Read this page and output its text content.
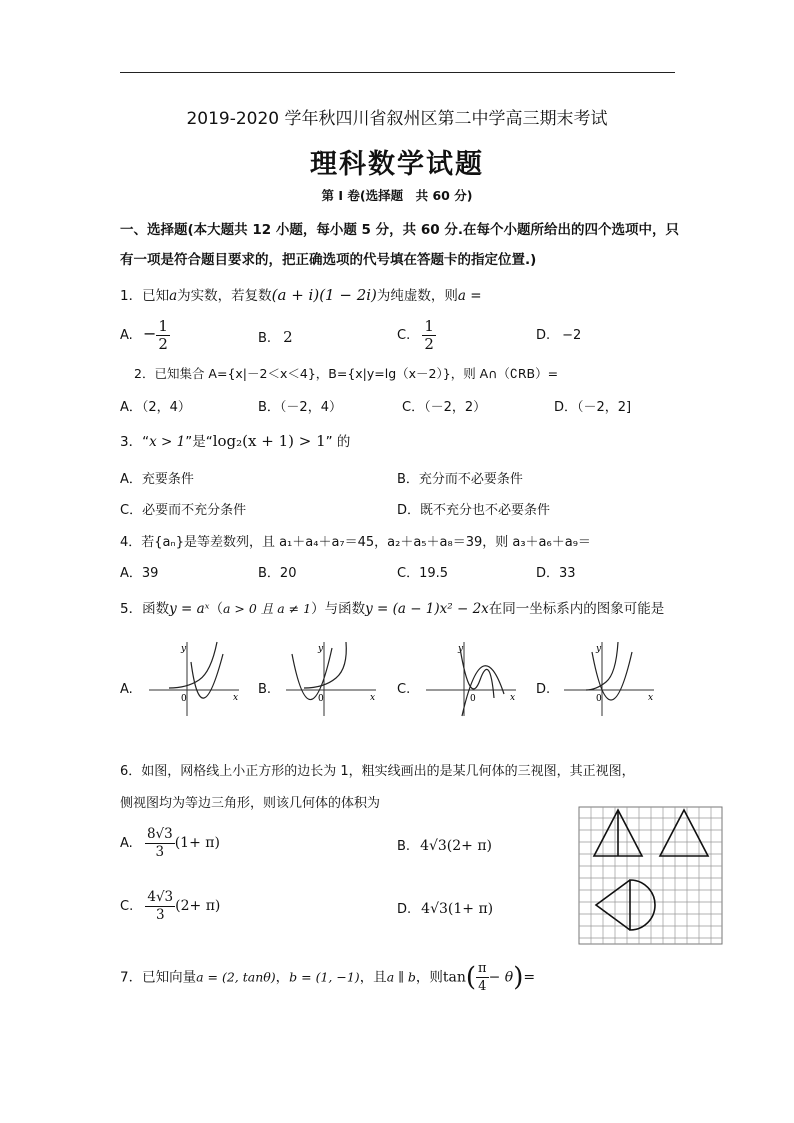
2019-2020 学年秋四川省叙州区第二中学高三期末考试
理科数学试题
第 I 卷(选择题　共 60 分)
一、选择题(本大题共 12 小题，每小题 5 分，共 60 分.在每个小题所给出的四个选项中，只
有一项是符合题目要求的，把正确选项的代号填在答题卡的指定位置.)
1．已知a为实数，若复数(a + i)(1 − 2i)为纯虚数，则a =
A. − $\frac{1}{2}$	B. 2	C. $\frac{1}{2}$	D. −2
2．已知集合 A={x|－2＜x＜4}，B={x|y=lg（x－2）}，则 A∩（∁RB）=
A．（2，4）	B．（－2，4）	C．（－2，2）	D．（－2，2]
3．“x > 1”是“log₂(x + 1) > 1” 的
A．充要条件	B．充分而不必要条件
C．必要而不充分条件	D．既不充分也不必要条件
4．若{aₙ}是等差数列，且 a₁＋a₄＋a₇＝45，a₂＋a₅＋a₈＝39，则 a₃＋a₆＋a₉＝
A．39	B．20	C．19.5	D．33
5．函数y = aˣ（a > 0 且 a ≠ 1）与函数y = (a − 1)x² − 2x在同一坐标系内的图象可能是
A.	B.	C.	D.
y
x
0
y
x
0
y
x
0
y
x
0
6．如图，网格线上小正方形的边长为 1，粗实线画出的是某几何体的三视图，其正视图，
侧视图均为等边三角形，则该几何体的体积为
A. $\frac{8√3}{3} (1+ \pi)$	B. 4√3(2+ π)
C. $\frac{4√3}{3} (2+ \pi)$	D. 4√3(1+ π)
7．已知向量a = (2, tanθ)，b = (1, −1)，且a ∥ b，则$\tan( \frac{\pi}{4} - \theta)=$
